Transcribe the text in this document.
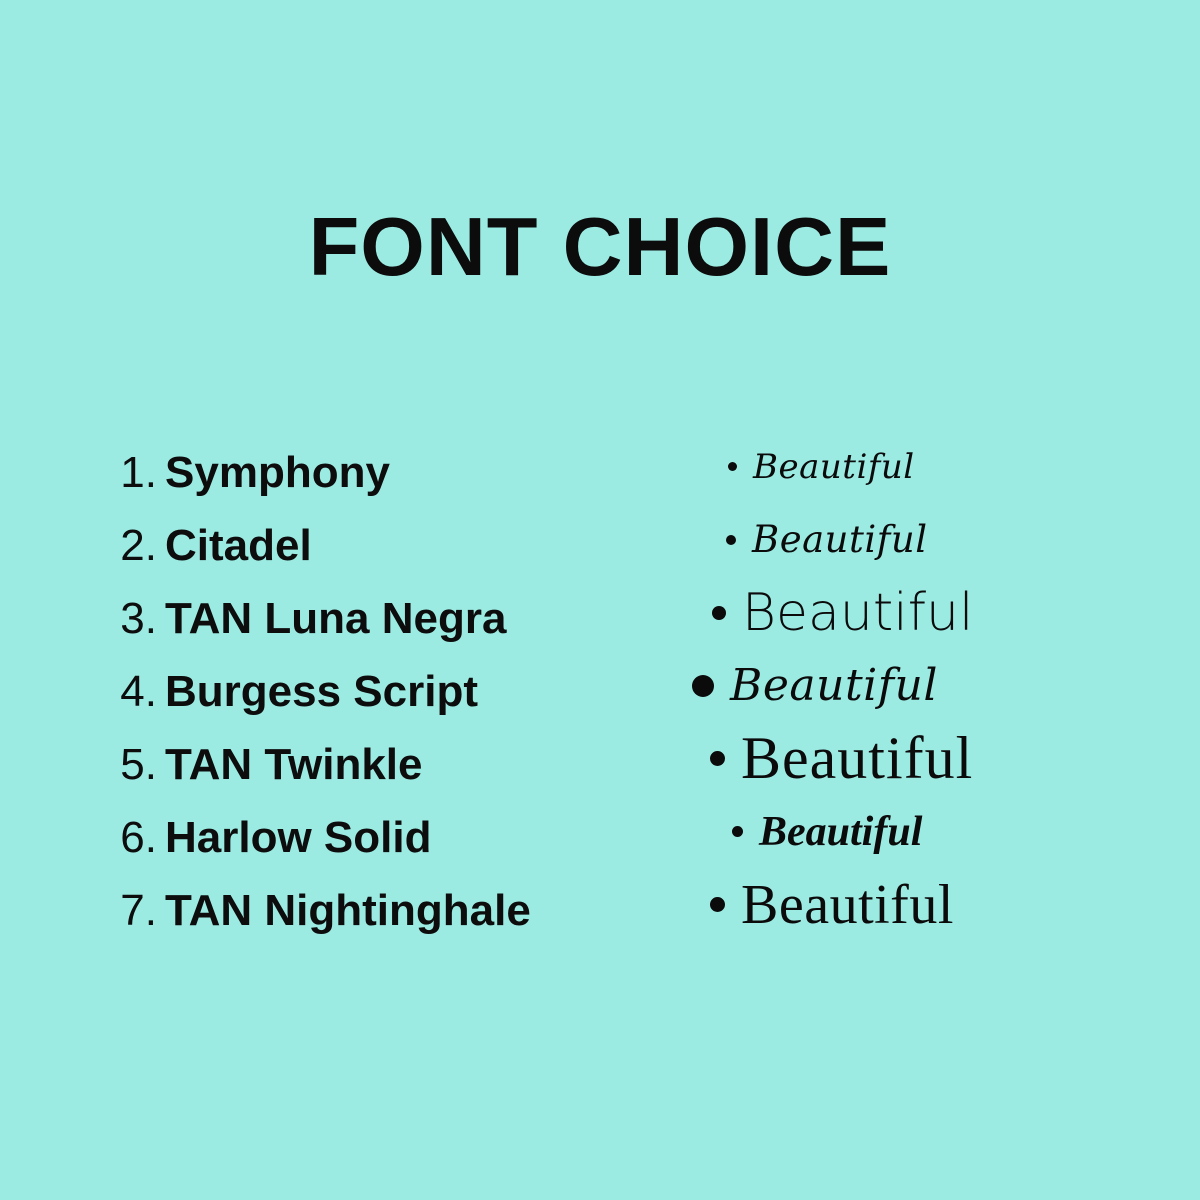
FONT CHOICE
1. Symphony
2. Citadel
3. TAN Luna Negra
4. Burgess Script
5. TAN Twinkle
6. Harlow Solid
7. TAN Nightinghale
Beautiful
Beautiful
Beautiful
Beautiful
Beautiful
Beautiful
Beautiful
